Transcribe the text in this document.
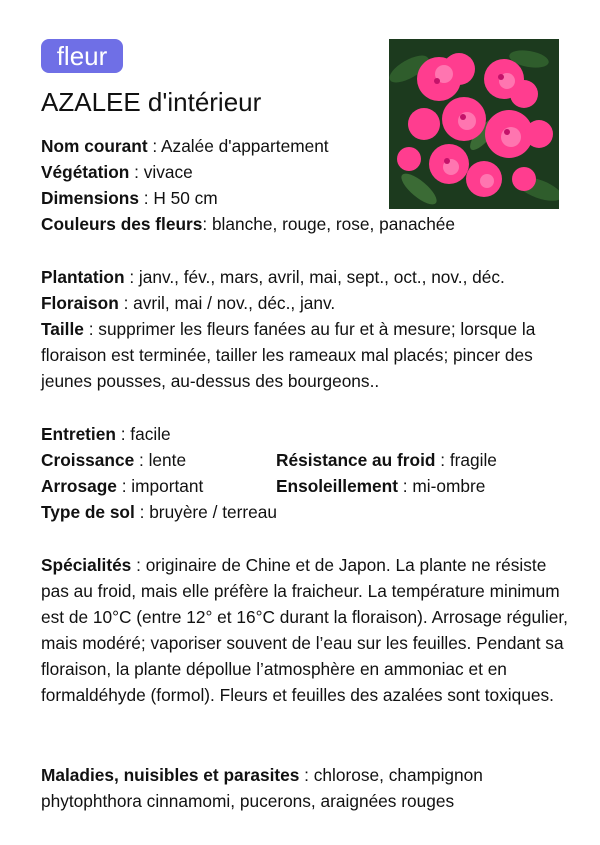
fleur
AZALEE d'intérieur
Nom courant : Azalée d'appartement
Végétation : vivace
Dimensions : H 50 cm
Couleurs des fleurs: blanche, rouge, rose, panachée
Plantation : janv., fév., mars, avril, mai, sept., oct., nov., déc.
Floraison : avril, mai / nov., déc., janv.
Taille : supprimer les fleurs fanées au fur et à mesure; lorsque la floraison est terminée, tailler les rameaux mal placés; pincer des jeunes pousses, au-dessus des bourgeons..
Entretien : facile
Croissance : lente	Résistance au froid : fragile
Arrosage : important	Ensoleillement : mi-ombre
Type de sol : bruyère / terreau
Spécialités : originaire de Chine et de Japon. La plante ne résiste pas au froid, mais elle préfère la fraicheur. La température minimum est de 10°C (entre 12° et 16°C durant la floraison). Arrosage régulier, mais modéré; vaporiser souvent de l’eau sur les feuilles. Pendant sa floraison, la plante dépollue l’atmosphère en ammoniac et en formaldéhyde (formol). Fleurs et feuilles des azalées sont toxiques.
Maladies, nuisibles et parasites : chlorose, champignon phytophthora cinnamomi, pucerons, araignées rouges
